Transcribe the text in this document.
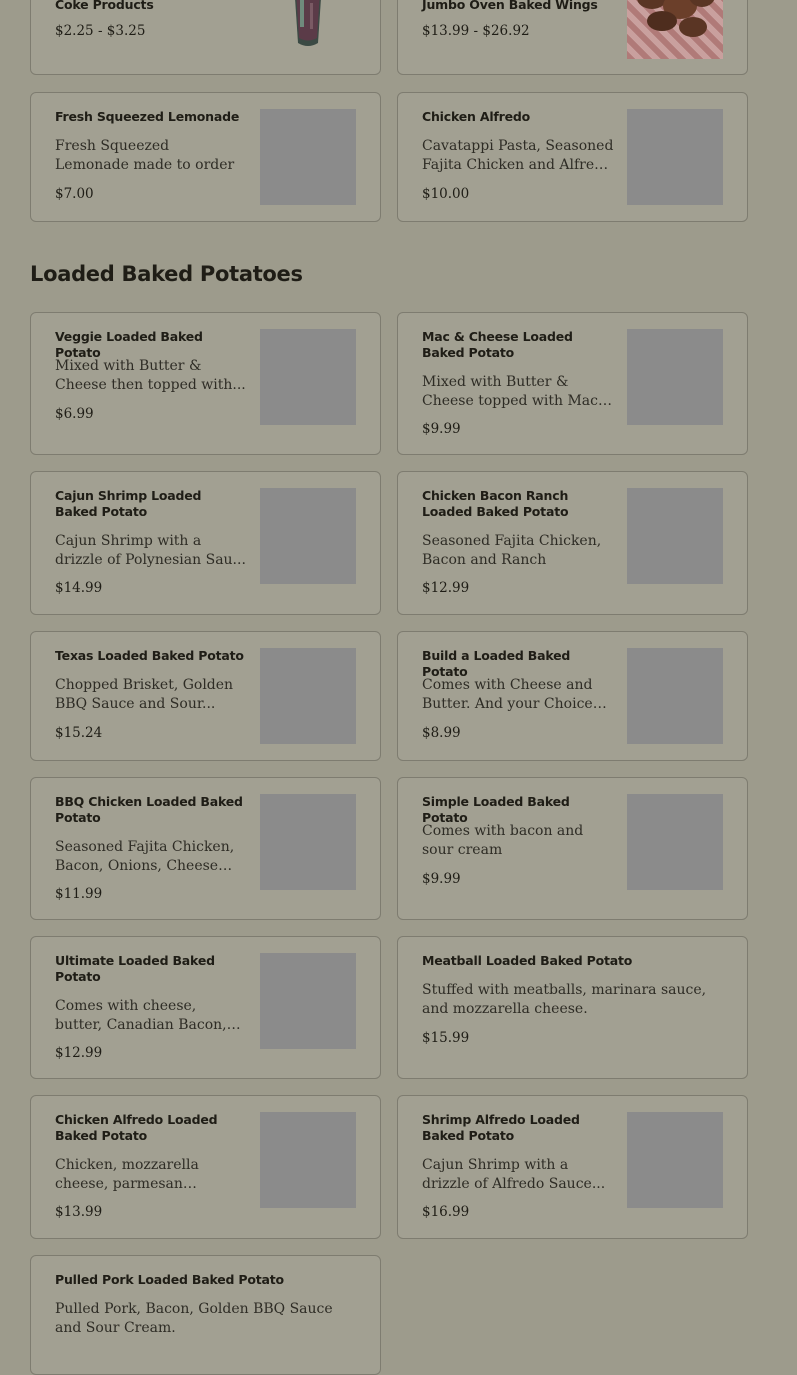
Coke Products
$2.25 - $3.25
Jumbo Oven Baked Wings
$13.99 - $26.92
Fresh Squeezed Lemonade
Fresh Squeezed Lemonade made to order
$7.00
Chicken Alfredo
Cavatappi Pasta, Seasoned Fajita Chicken and Alfredo
$10.00
Loaded Baked Potatoes
Veggie Loaded Baked Potato
Mixed with Butter & Cheese then topped with...
$6.99
Mac & Cheese Loaded Baked Potato
Mixed with Butter & Cheese topped with Mac
$9.99
Cajun Shrimp Loaded Baked Potato
Cajun Shrimp with a drizzle of Polynesian Sau...
$14.99
Chicken Bacon Ranch Loaded Baked Potato
Seasoned Fajita Chicken, Bacon and Ranch
$12.99
Texas Loaded Baked Potato
Chopped Brisket, Golden BBQ Sauce and Sour...
$15.24
Build a Loaded Baked Potato
Comes with Cheese and Butter. And your Choice
$8.99
BBQ Chicken Loaded Baked Potato
Seasoned Fajita Chicken, Bacon, Onions, Cheese
$11.99
Simple Loaded Baked Potato
Comes with bacon and sour cream
$9.99
Ultimate Loaded Baked Potato
Comes with cheese, butter, Canadian Bacon,
$12.99
Meatball Loaded Baked Potato
Stuffed with meatballs, marinara sauce, and mozzarella cheese.
$15.99
Chicken Alfredo Loaded Baked Potato
Chicken, mozzarella cheese, parmesan
$13.99
Shrimp Alfredo Loaded Baked Potato
Cajun Shrimp with a drizzle of Alfredo Sauce...
$16.99
Pulled Pork Loaded Baked Potato
Pulled Pork, Bacon, Golden BBQ Sauce and Sour Cream.
